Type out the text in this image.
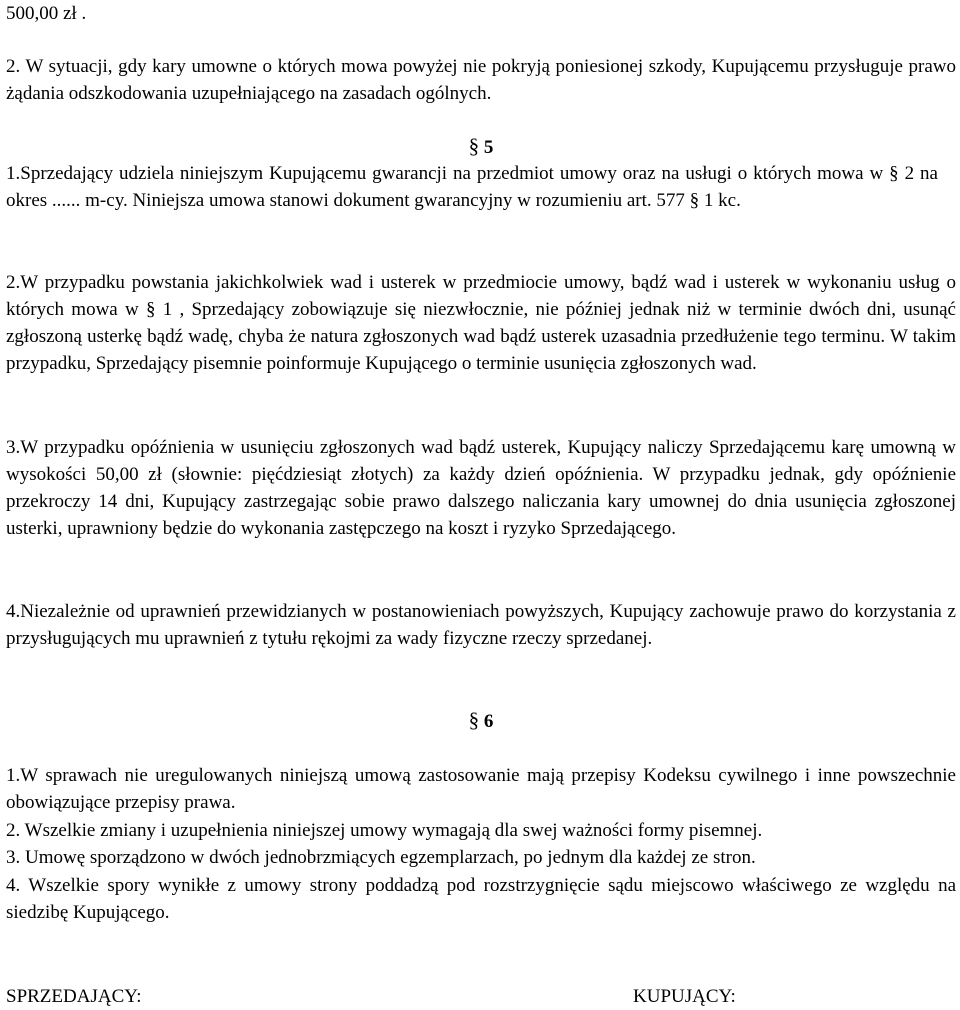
500,00 zł .

2. W sytuacji, gdy kary umowne o których mowa powyżej nie pokryją poniesionej szkody, Kupującemu przysługuje prawo żądania odszkodowania uzupełniającego na zasadach ogólnych.

§ 5

1.Sprzedający udziela niniejszym Kupującemu gwarancji na przedmiot umowy oraz na usługi o których mowa w § 2 na okres ...... m-cy. Niniejsza umowa stanowi dokument gwarancyjny w rozumieniu art. 577 § 1 kc.

2.W przypadku powstania jakichkolwiek wad i usterek w przedmiocie umowy, bądź wad i usterek w wykonaniu usług o których mowa w § 1 , Sprzedający zobowiązuje się niezwłocznie, nie później jednak niż w terminie dwóch dni, usunąć zgłoszoną usterkę bądź wadę, chyba że natura zgłoszonych wad bądź usterek uzasadnia przedłużenie tego terminu. W takim przypadku, Sprzedający pisemnie poinformuje Kupującego o terminie usunięcia zgłoszonych wad.

3.W przypadku opóźnienia w usunięciu zgłoszonych wad bądź usterek, Kupujący naliczy Sprzedającemu karę umowną w wysokości 50,00 zł (słownie: pięćdziesiąt złotych) za każdy dzień opóźnienia. W przypadku jednak, gdy opóźnienie przekroczy 14 dni, Kupujący zastrzegając sobie prawo dalszego naliczania kary umownej do dnia usunięcia zgłoszonej usterki, uprawniony będzie do wykonania zastępczego na koszt i ryzyko Sprzedającego.

4.Niezależnie od uprawnień przewidzianych w postanowieniach powyższych, Kupujący zachowuje prawo do korzystania z przysługujących mu uprawnień z tytułu rękojmi za wady fizyczne rzeczy sprzedanej.

§ 6

1.W sprawach nie uregulowanych niniejszą umową zastosowanie mają przepisy Kodeksu cywilnego i inne powszechnie obowiązujące przepisy prawa.

2. Wszelkie zmiany i uzupełnienia niniejszej umowy wymagają dla swej ważności formy pisemnej.

3. Umowę sporządzono w dwóch jednobrzmiących egzemplarzach, po jednym dla każdej ze stron.

4. Wszelkie spory wynikłe z umowy strony poddadzą pod rozstrzygnięcie sądu miejscowo właściwego ze względu na siedzibę Kupującego.

SPRZEDAJĄCY:	KUPUJĄCY:
